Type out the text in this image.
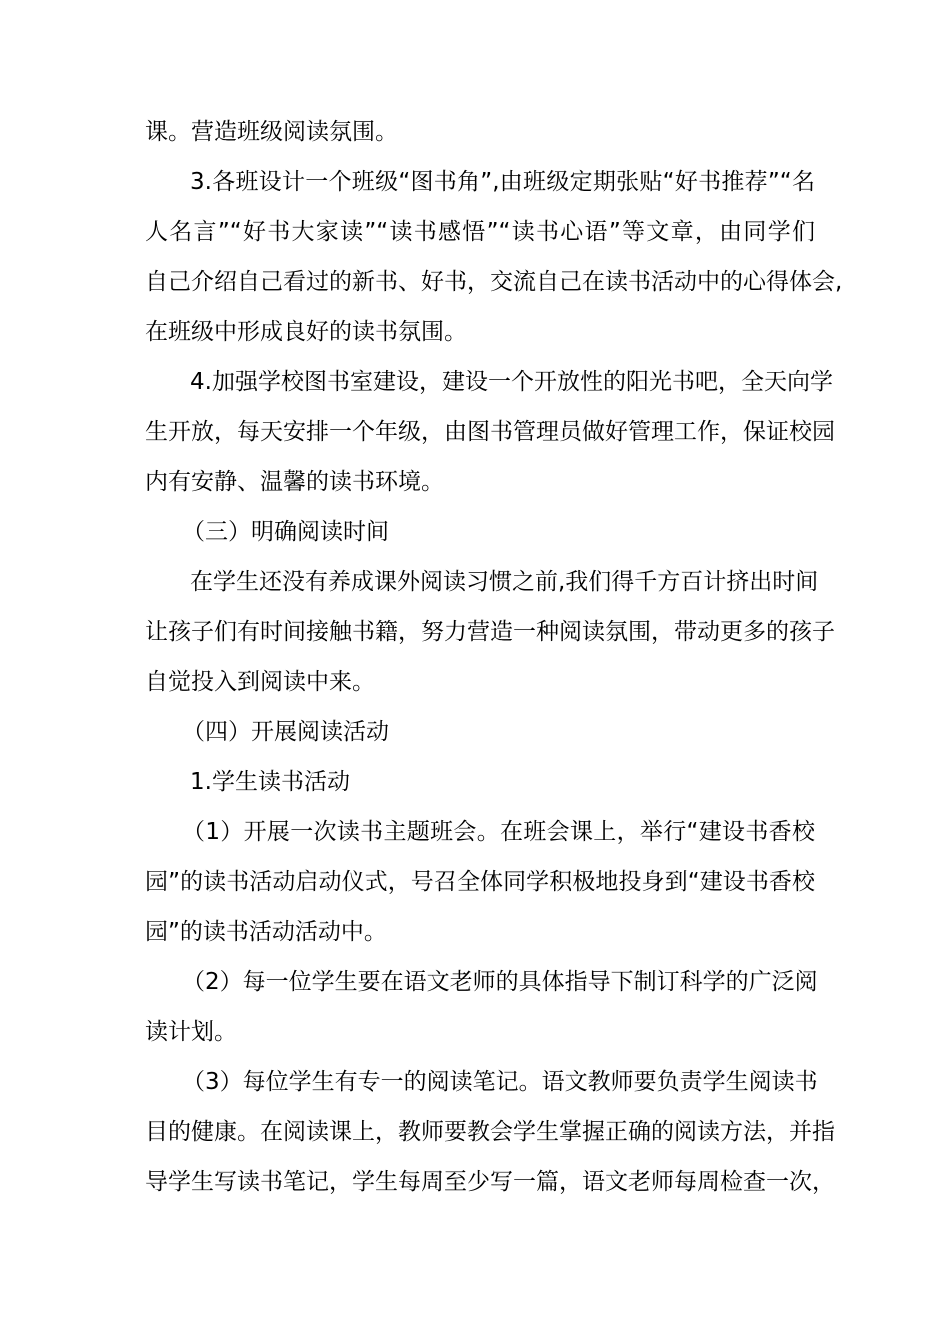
课。营造班级阅读氛围。
3.各班设计一个班级“图书角”,由班级定期张贴“好书推荐”“名
人名言”“好书大家读”“读书感悟”“读书心语”等文章，由同学们
自己介绍自己看过的新书、好书，交流自己在读书活动中的心得体会,
在班级中形成良好的读书氛围。
4.加强学校图书室建设，建设一个开放性的阳光书吧，全天向学
生开放，每天安排一个年级，由图书管理员做好管理工作，保证校园
内有安静、温馨的读书环境。
（三）明确阅读时间
在学生还没有养成课外阅读习惯之前,我们得千方百计挤出时间
让孩子们有时间接触书籍，努力营造一种阅读氛围，带动更多的孩子
自觉投入到阅读中来。
（四）开展阅读活动
1.学生读书活动
（1）开展一次读书主题班会。在班会课上，举行“建设书香校
园”的读书活动启动仪式，号召全体同学积极地投身到“建设书香校
园”的读书活动活动中。
（2）每一位学生要在语文老师的具体指导下制订科学的广泛阅
读计划。
（3）每位学生有专一的阅读笔记。语文教师要负责学生阅读书
目的健康。在阅读课上，教师要教会学生掌握正确的阅读方法，并指
导学生写读书笔记，学生每周至少写一篇，语文老师每周检查一次，
